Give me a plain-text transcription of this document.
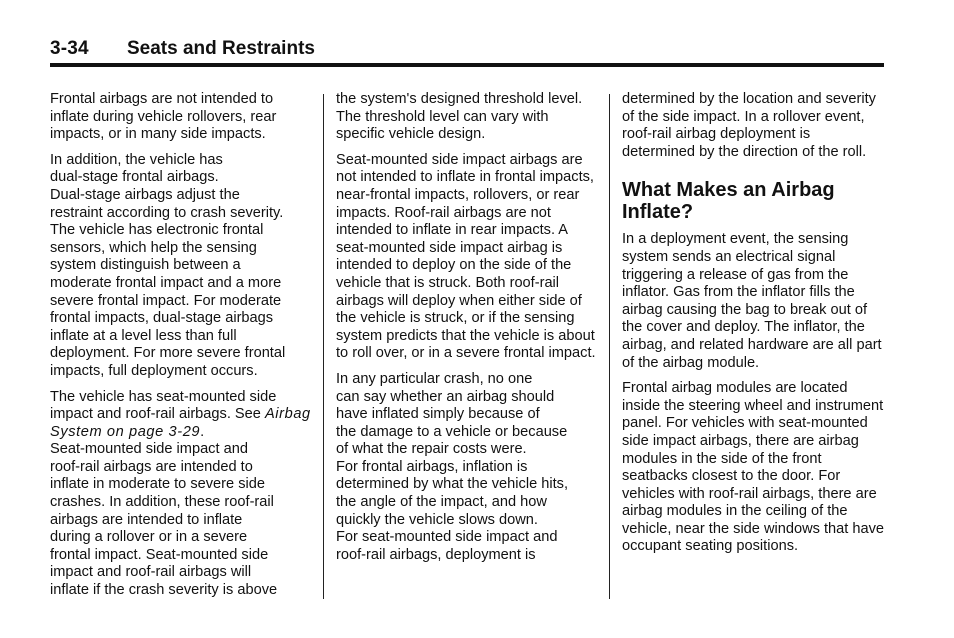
3-34 Seats and Restraints

Frontal airbags are not intended to inflate during vehicle rollovers, rear impacts, or in many side impacts.

In addition, the vehicle has
dual-stage frontal airbags.
Dual-stage airbags adjust the
restraint according to crash severity.
The vehicle has electronic frontal
sensors, which help the sensing
system distinguish between a
moderate frontal impact and a more
severe frontal impact. For moderate
frontal impacts, dual-stage airbags
inflate at a level less than full
deployment. For more severe frontal
impacts, full deployment occurs.

The vehicle has seat-mounted side impact and roof-rail airbags. See Airbag System on page 3-29.
Seat-mounted side impact and
roof-rail airbags are intended to
inflate in moderate to severe side
crashes. In addition, these roof-rail
airbags are intended to inflate
during a rollover or in a severe
frontal impact. Seat-mounted side
impact and roof-rail airbags will
inflate if the crash severity is above

the system's designed threshold level. The threshold level can vary with specific vehicle design.

Seat-mounted side impact airbags are not intended to inflate in frontal impacts, near-frontal impacts, rollovers, or rear impacts. Roof-rail airbags are not intended to inflate in rear impacts. A seat-mounted side impact airbag is intended to deploy on the side of the vehicle that is struck. Both roof-rail airbags will deploy when either side of the vehicle is struck, or if the sensing system predicts that the vehicle is about to roll over, or in a severe frontal impact.

In any particular crash, no one
can say whether an airbag should
have inflated simply because of
the damage to a vehicle or because
of what the repair costs were.
For frontal airbags, inflation is
determined by what the vehicle hits,
the angle of the impact, and how
quickly the vehicle slows down.
For seat-mounted side impact and
roof-rail airbags, deployment is

determined by the location and severity of the side impact. In a rollover event, roof-rail airbag deployment is determined by the direction of the roll.

What Makes an Airbag Inflate?

In a deployment event, the sensing system sends an electrical signal triggering a release of gas from the inflator. Gas from the inflator fills the airbag causing the bag to break out of the cover and deploy. The inflator, the airbag, and related hardware are all part of the airbag module.

Frontal airbag modules are located inside the steering wheel and instrument panel. For vehicles with seat-mounted side impact airbags, there are airbag modules in the side of the front seatbacks closest to the door. For vehicles with roof-rail airbags, there are airbag modules in the ceiling of the vehicle, near the side windows that have occupant seating positions.
